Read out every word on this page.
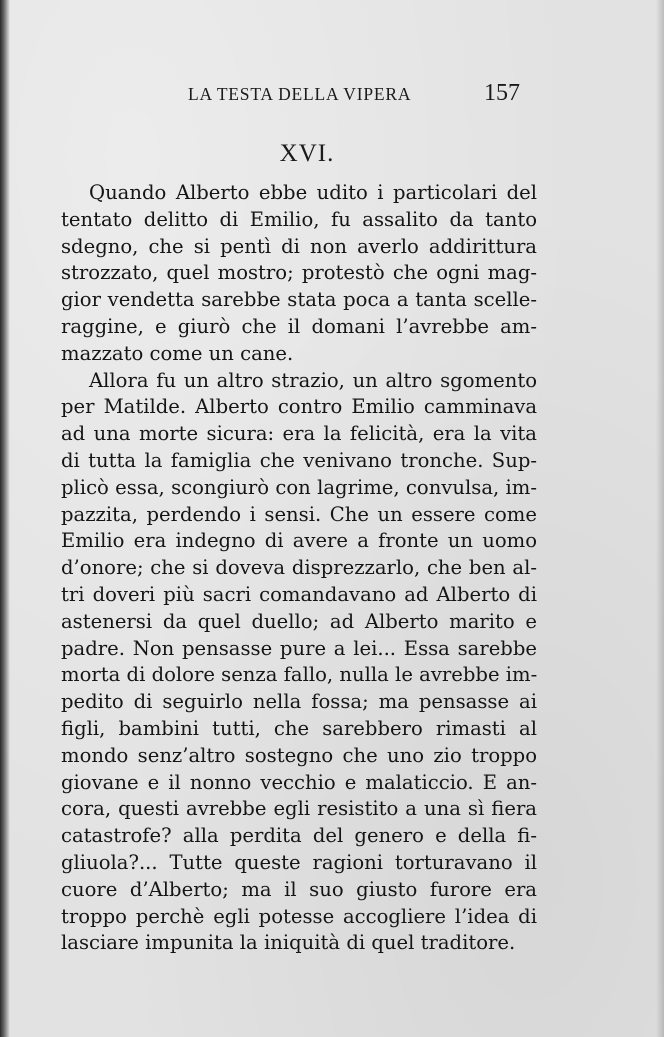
LA TESTA DELLA VIPERA	157
XVI.
Quando Alberto ebbe udito i particolari del
tentato delitto di Emilio, fu assalito da tanto
sdegno, che si pentì di non averlo addirittura
strozzato, quel mostro; protestò che ogni mag-
gior vendetta sarebbe stata poca a tanta scelle-
raggine, e giurò che il domani l’avrebbe am-
mazzato come un cane.
Allora fu un altro strazio, un altro sgomento
per Matilde. Alberto contro Emilio camminava
ad una morte sicura: era la felicità, era la vita
di tutta la famiglia che venivano tronche. Sup-
plicò essa, scongiurò con lagrime, convulsa, im-
pazzita, perdendo i sensi. Che un essere come
Emilio era indegno di avere a fronte un uomo
d’onore; che si doveva disprezzarlo, che ben al-
tri doveri più sacri comandavano ad Alberto di
astenersi da quel duello; ad Alberto marito e
padre. Non pensasse pure a lei... Essa sarebbe
morta di dolore senza fallo, nulla le avrebbe im-
pedito di seguirlo nella fossa; ma pensasse ai
figli, bambini tutti, che sarebbero rimasti al
mondo senz’altro sostegno che uno zio troppo
giovane e il nonno vecchio e malaticcio. E an-
cora, questi avrebbe egli resistito a una sì fiera
catastrofe? alla perdita del genero e della fi-
gliuola?... Tutte queste ragioni torturavano il
cuore d’Alberto; ma il suo giusto furore era
troppo perchè egli potesse accogliere l’idea di
lasciare impunita la iniquità di quel traditore.
